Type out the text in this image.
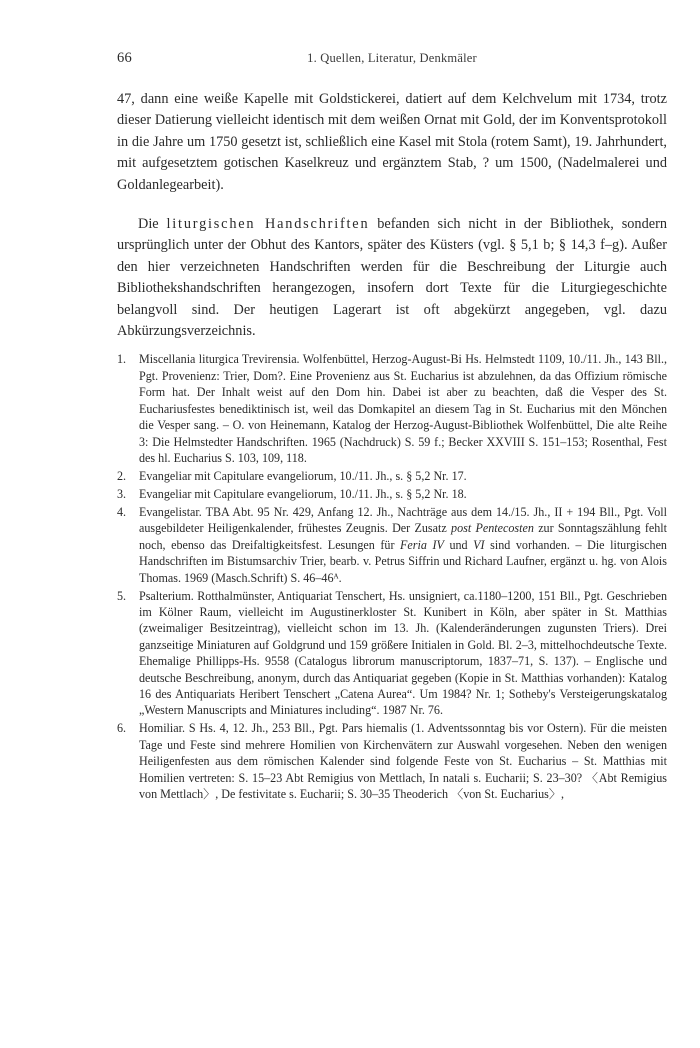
66	1. Quellen, Literatur, Denkmäler

47, dann eine weiße Kapelle mit Goldstickerei, datiert auf dem Kelchvelum mit 1734, trotz dieser Datierung vielleicht identisch mit dem weißen Ornat mit Gold, der im Konventsprotokoll in die Jahre um 1750 gesetzt ist, schließlich eine Kasel mit Stola (rotem Samt), 19. Jahrhundert, mit aufgesetztem gotischen Kaselkreuz und ergänztem Stab, ? um 1500, (Nadelmalerei und Goldanlegearbeit).

Die liturgischen Handschriften befanden sich nicht in der Bibliothek, sondern ursprünglich unter der Obhut des Kantors, später des Küsters (vgl. § 5,1 b; § 14,3 f–g). Außer den hier verzeichneten Handschriften werden für die Beschreibung der Liturgie auch Bibliothekshandschriften herangezogen, insofern dort Texte für die Liturgiegeschichte belangvoll sind. Der heutigen Lagerart ist oft abgekürzt angegeben, vgl. dazu Abkürzungsverzeichnis.

1. Miscellania liturgica Trevirensia. Wolfenbüttel, Herzog-August-Bi Hs. Helmstedt 1109, 10./11. Jh., 143 Bll., Pgt. Provenienz: Trier, Dom?. Eine Provenienz aus St. Eucharius ist abzulehnen, da das Offizium römische Form hat. Der Inhalt weist auf den Dom hin. Dabei ist aber zu beachten, daß die Vesper des St. Euchariusfestes benediktinisch ist, weil das Domkapitel an diesem Tag in St. Eucharius mit den Mönchen die Vesper sang. – O. von Heinemann, Katalog der Herzog-August-Bibliothek Wolfenbüttel, Die alte Reihe 3: Die Helmstedter Handschriften. 1965 (Nachdruck) S. 59 f.; Becker XXVIII S. 151–153; Rosenthal, Fest des hl. Eucharius S. 103, 109, 118.
2. Evangeliar mit Capitulare evangeliorum, 10./11. Jh., s. § 5,2 Nr. 17.
3. Evangeliar mit Capitulare evangeliorum, 10./11. Jh., s. § 5,2 Nr. 18.
4. Evangelistar. TBA Abt. 95 Nr. 429, Anfang 12. Jh., Nachträge aus dem 14./15. Jh., II + 194 Bll., Pgt. Voll ausgebildeter Heiligenkalender, frühestes Zeugnis. Der Zusatz post Pentecosten zur Sonntagszählung fehlt noch, ebenso das Dreifaltigkeitsfest. Lesungen für Feria IV und VI sind vorhanden. – Die liturgischen Handschriften im Bistumsarchiv Trier, bearb. v. Petrus Siffrin und Richard Laufner, ergänzt u. hg. von Alois Thomas. 1969 (Masch.Schrift) S. 46–46ᴬ.
5. Psalterium. Rotthalmünster, Antiquariat Tenschert, Hs. unsigniert, ca.1180–1200, 151 Bll., Pgt. Geschrieben im Kölner Raum, vielleicht im Augustinerkloster St. Kunibert in Köln, aber später in St. Matthias (zweimaliger Besitzeintrag), vielleicht schon im 13. Jh. (Kalenderänderungen zugunsten Triers). Drei ganzseitige Miniaturen auf Goldgrund und 159 größere Initialen in Gold. Bl. 2–3, mittelhochdeutsche Texte. Ehemalige Phillipps-Hs. 9558 (Catalogus librorum manuscriptorum, 1837–71, S. 137). – Englische und deutsche Beschreibung, anonym, durch das Antiquariat gegeben (Kopie in St. Matthias vorhanden): Katalog 16 des Antiquariats Heribert Tenschert „Catena Aurea“. Um 1984? Nr. 1; Sotheby's Versteigerungskatalog „Western Manuscripts and Miniatures including“. 1987 Nr. 76.
6. Homiliar. S Hs. 4, 12. Jh., 253 Bll., Pgt. Pars hiemalis (1. Adventssonntag bis vor Ostern). Für die meisten Tage und Feste sind mehrere Homilien von Kirchenvätern zur Auswahl vorgesehen. Neben den wenigen Heiligenfesten aus dem römischen Kalender sind folgende Feste von St. Eucharius – St. Matthias mit Homilien vertreten: S. 15–23 Abt Remigius von Mettlach, In natali s. Eucharii; S. 23–30? 〈Abt Remigius von Mettlach〉, De festivitate s. Eucharii; S. 30–35 Theoderich 〈von St. Eucharius〉,
